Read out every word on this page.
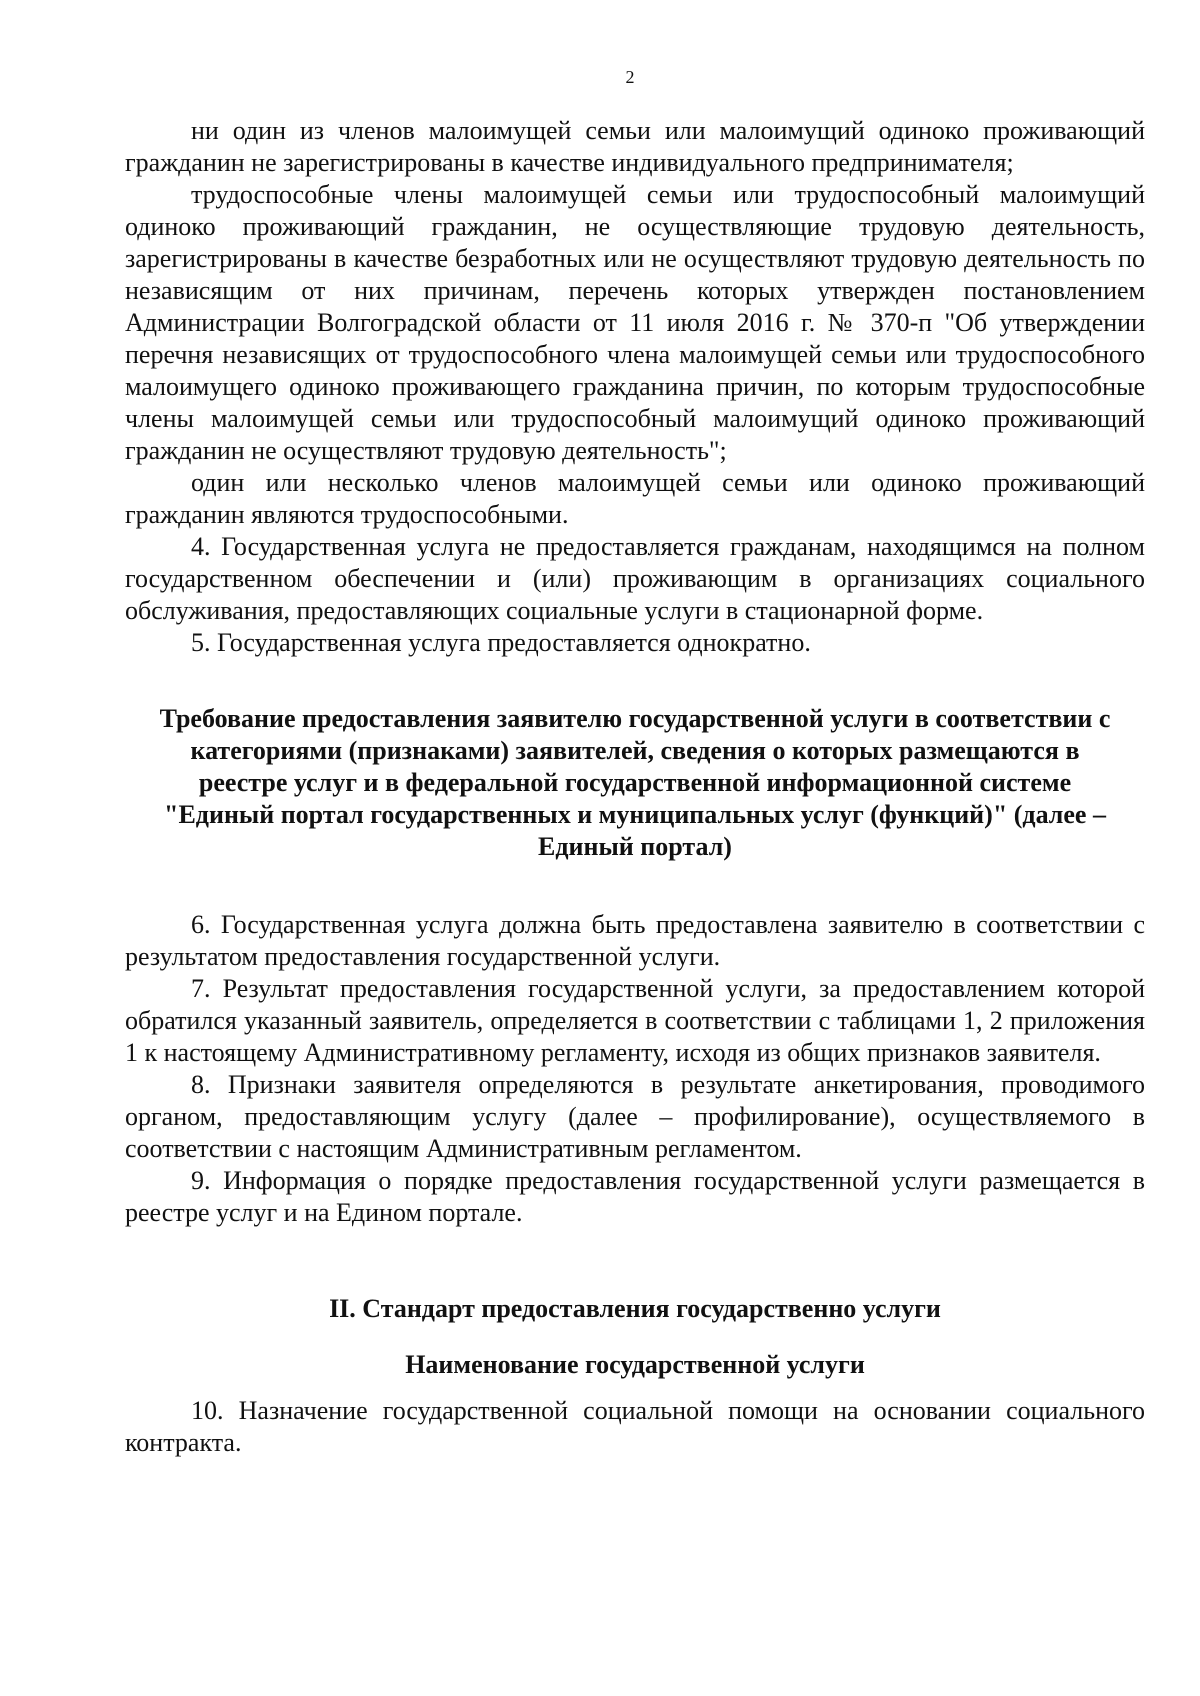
2

ни один из членов малоимущей семьи или малоимущий одиноко проживающий гражданин не зарегистрированы в качестве индивидуального предпринимателя;

трудоспособные члены малоимущей семьи или трудоспособный малоимущий одиноко проживающий гражданин, не осуществляющие трудовую деятельность, зарегистрированы в качестве безработных или не осуществляют трудовую деятельность по независящим от них причинам, перечень которых утвержден постановлением Администрации Волгоградской области от 11 июля 2016 г. № 370-п "Об утверждении перечня независящих от трудоспособного члена малоимущей семьи или трудоспособного малоимущего одиноко проживающего гражданина причин, по которым трудоспособные члены малоимущей семьи или трудоспособный малоимущий одиноко проживающий гражданин не осуществляют трудовую деятельность";

один или несколько членов малоимущей семьи или одиноко проживающий гражданин являются трудоспособными.

4. Государственная услуга не предоставляется гражданам, находящимся на полном государственном обеспечении и (или) проживающим в организациях социального обслуживания, предоставляющих социальные услуги в стационарной форме.

5. Государственная услуга предоставляется однократно.

Требование предоставления заявителю государственной услуги в соответствии с категориями (признаками) заявителей, сведения о которых размещаются в реестре услуг и в федеральной государственной информационной системе "Единый портал государственных и муниципальных услуг (функций)" (далее – Единый портал)

6. Государственная услуга должна быть предоставлена заявителю в соответствии с результатом предоставления государственной услуги.

7. Результат предоставления государственной услуги, за предоставлением которой обратился указанный заявитель, определяется в соответствии с таблицами 1, 2 приложения 1 к настоящему Административному регламенту, исходя из общих признаков заявителя.

8. Признаки заявителя определяются в результате анкетирования, проводимого органом, предоставляющим услугу (далее – профилирование), осуществляемого в соответствии с настоящим Административным регламентом.

9. Информация о порядке предоставления государственной услуги размещается в реестре услуг и на Едином портале.

II. Стандарт предоставления государственно услуги
Наименование государственной услуги

10. Назначение государственной социальной помощи на основании социального контракта.
